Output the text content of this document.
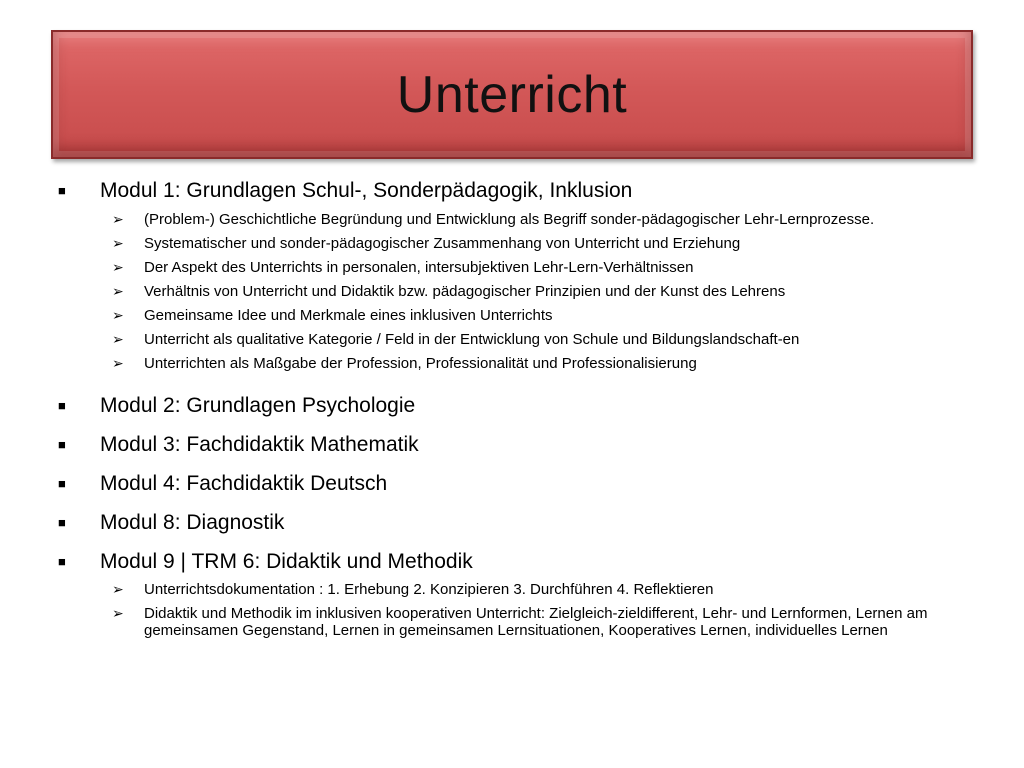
Unterricht
■	Modul 1: Grundlagen Schul-, Sonderpädagogik, Inklusion
➢	(Problem-) Geschichtliche Begründung und Entwicklung als Begriff sonder-pädagogischer Lehr-Lernprozesse.
➢	Systematischer und sonder-pädagogischer Zusammenhang von Unterricht und Erziehung
➢	Der Aspekt des Unterrichts in personalen, intersubjektiven Lehr-Lern-Verhältnissen
➢	Verhältnis von Unterricht und Didaktik bzw. pädagogischer Prinzipien und der Kunst des Lehrens
➢	Gemeinsame Idee und Merkmale eines inklusiven Unterrichts
➢	Unterricht als qualitative Kategorie / Feld in der Entwicklung von Schule und Bildungslandschaft-en
➢	Unterrichten als Maßgabe der Profession, Professionalität und Professionalisierung
■	Modul 2: Grundlagen Psychologie
■	Modul 3: Fachdidaktik Mathematik
■	Modul 4: Fachdidaktik Deutsch
■	Modul 8: Diagnostik
■	Modul 9 | TRM 6: Didaktik und Methodik
➢	Unterrichtsdokumentation : 1. Erhebung 2. Konzipieren 3. Durchführen 4. Reflektieren
➢	Didaktik und Methodik im inklusiven kooperativen Unterricht: Zielgleich-zieldifferent, Lehr- und Lernformen, Lernen am gemeinsamen Gegenstand, Lernen in gemeinsamen Lernsituationen, Kooperatives Lernen, individuelles Lernen
